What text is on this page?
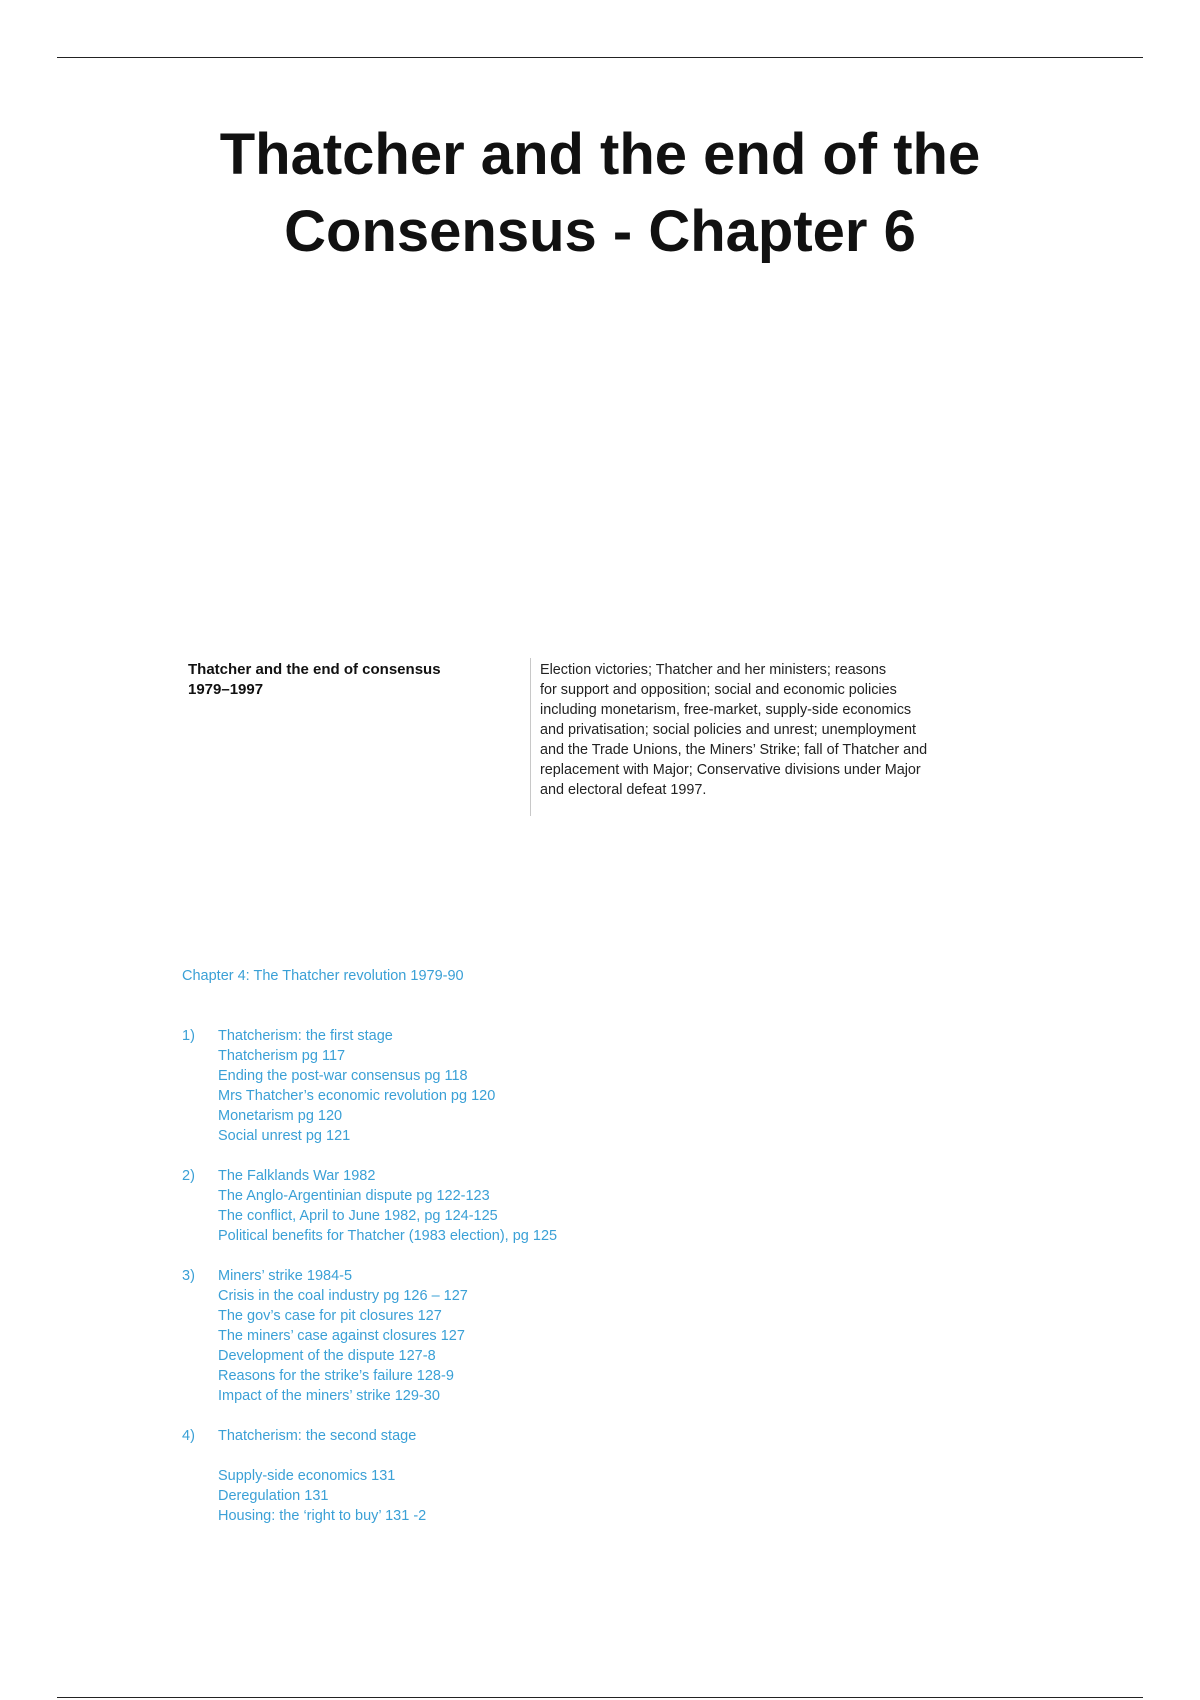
Thatcher and the end of the
Consensus - Chapter 6
Thatcher and the end of consensus
1979–1997
Election victories; Thatcher and her ministers; reasons
for support and opposition; social and economic policies
including monetarism, free-market, supply-side economics
and privatisation; social policies and unrest; unemployment
and the Trade Unions, the Miners’ Strike; fall of Thatcher and
replacement with Major; Conservative divisions under Major
and electoral defeat 1997.
Chapter 4: The Thatcher revolution 1979-90
1) Thatcherism: the first stage
Thatcherism pg 117
Ending the post-war consensus pg 118
Mrs Thatcher’s economic revolution pg 120
Monetarism pg 120
Social unrest pg 121
2) The Falklands War 1982
The Anglo-Argentinian dispute pg 122-123
The conflict, April to June 1982, pg 124-125
Political benefits for Thatcher (1983 election), pg 125
3) Miners’ strike 1984-5
Crisis in the coal industry pg 126 – 127
The gov’s case for pit closures 127
The miners’ case against closures 127
Development of the dispute 127-8
Reasons for the strike’s failure 128-9
Impact of the miners’ strike 129-30
4) Thatcherism: the second stage
Supply-side economics 131
Deregulation 131
Housing: the ‘right to buy’ 131 -2
